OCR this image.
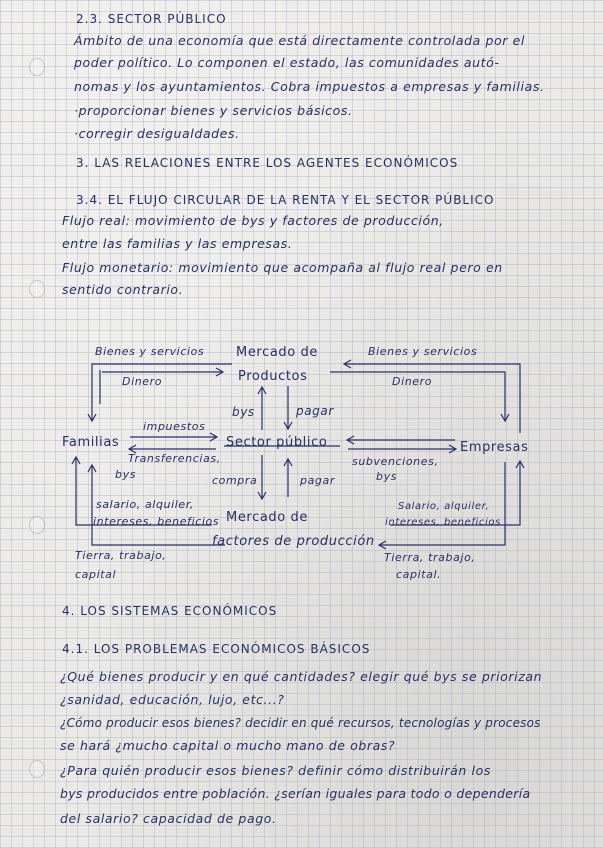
2.3. SECTOR PÚBLICO
Ámbito de una economía que está directamente controlada por el
poder político. Lo componen el estado, las comunidades autó-
nomas y los ayuntamientos. Cobra impuestos a empresas y familias.
·proporcionar bienes y servicios básicos.
·corregir desigualdades.
3. LAS RELACIONES ENTRE LOS AGENTES ECONÓMICOS
3.4. EL FLUJO CIRCULAR DE LA RENTA Y EL SECTOR PÚBLICO
Flujo real: movimiento de bys y factores de producción,
entre las familias y las empresas.
Flujo monetario: movimiento que acompaña al flujo real pero en
sentido contrario.
Bienes y servicios	Bienes y servicios
Mercado de
Productos
Dinero	Dinero
bys	pagar
impuestos
Familias	Sector público	Empresas
Transferencias,
bys
subvenciones,
bys
compra	pagar
salario, alquiler,
intereses, beneficios
Salario, alquiler,
intereses, beneficios
Mercado de
factores de producción
Tierra, trabajo,
capital
Tierra, trabajo,
capital.
4. LOS SISTEMAS ECONÓMICOS
4.1. LOS PROBLEMAS ECONÓMICOS BÁSICOS
¿Qué bienes producir y en qué cantidades? elegir qué bys se priorizan
¿sanidad, educación, lujo, etc...?
¿Cómo producir esos bienes? decidir en qué recursos, tecnologías y procesos
se hará ¿mucho capital o mucho mano de obras?
¿Para quién producir esos bienes? definir cómo distribuirán los
bys producidos entre población. ¿serían iguales para todo o dependería
del salario? capacidad de pago.
